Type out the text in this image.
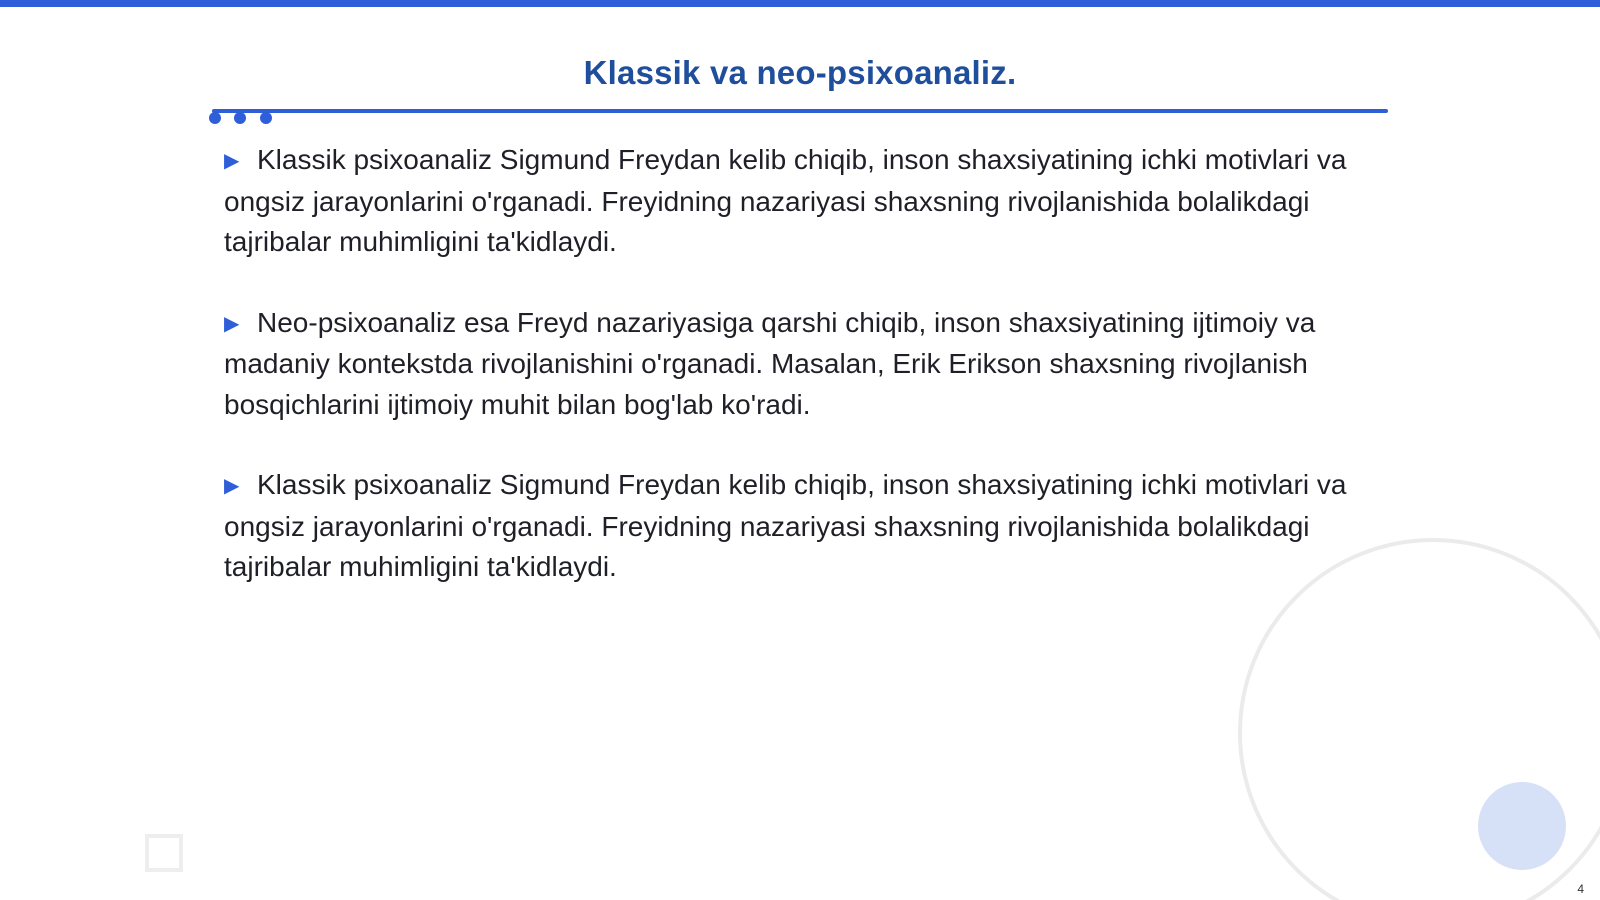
Klassik va neo-psixoanaliz.

▶ Klassik psixoanaliz Sigmund Freydan kelib chiqib, inson shaxsiyatining ichki motivlari va ongsiz jarayonlarini o'rganadi. Freyidning nazariyasi shaxsning rivojlanishida bolalikdagi tajribalar muhimligini ta'kidlaydi.

▶ Neo-psixoanaliz esa Freyd nazariyasiga qarshi chiqib, inson shaxsiyatining ijtimoiy va madaniy kontekstda rivojlanishini o'rganadi. Masalan, Erik Erikson shaxsning rivojlanish bosqichlarini ijtimoiy muhit bilan bog'lab ko'radi.

▶ Klassik psixoanaliz Sigmund Freydan kelib chiqib, inson shaxsiyatining ichki motivlari va ongsiz jarayonlarini o'rganadi. Freyidning nazariyasi shaxsning rivojlanishida bolalikdagi tajribalar muhimligini ta'kidlaydi.

4
